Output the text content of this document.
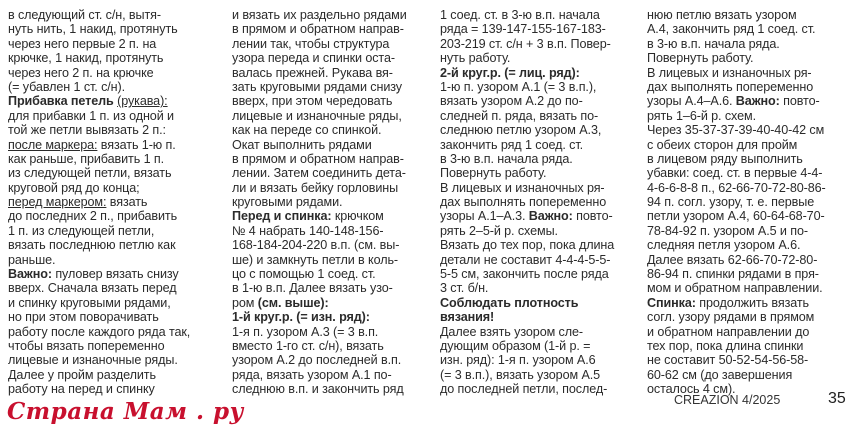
в следующий ст. с/н, вытя-
нуть нить, 1 накид, протянуть
через него первые 2 п. на
крючке, 1 накид, протянуть
через него 2 п. на крючке
(= убавлен 1 ст. с/н).
Прибавка петель (рукава):
для прибавки 1 п. из одной и
той же петли вывязать 2 п.:
после маркера: вязать 1-ю п.
как раньше, прибавить 1 п.
из следующей петли, вязать
круговой ряд до конца;
перед маркером: вязать
до последних 2 п., прибавить
1 п. из следующей петли,
вязать последнюю петлю как
раньше.
Важно: пуловер вязать снизу
вверх. Сначала вязать перед
и спинку круговыми рядами,
но при этом поворачивать
работу после каждого ряда так,
чтобы вязать попеременно
лицевые и изнаночные ряды.
Далее у пройм разделить
работу на перед и спинку
и вязать их раздельно рядами
в прямом и обратном направ-
лении так, чтобы структура
узора переда и спинки оста-
валась прежней. Рукава вя-
зать круговыми рядами снизу
вверх, при этом чередовать
лицевые и изнаночные ряды,
как на переде со спинкой.
Окат выполнить рядами
в прямом и обратном направ-
лении. Затем соединить дета-
ли и вязать бейку горловины
круговыми рядами.
Перед и спинка: крючком
№ 4 набрать 140-148-156-
168-184-204-220 в.п. (см. вы-
ше) и замкнуть петли в коль-
цо с помощью 1 соед. ст.
в 1-ю в.п. Далее вязать узо-
ром (см. выше):
1-й круг.р. (= изн. ряд):
1-я п. узором А.3 (= 3 в.п.
вместо 1-го ст. с/н), вязать
узором А.2 до последней в.п.
ряда, вязать узором А.1 по-
следнюю в.п. и закончить ряд
1 соед. ст. в 3-ю в.п. начала
ряда = 139-147-155-167-183-
203-219 ст. с/н + 3 в.п. Повер-
нуть работу.
2-й круг.р. (= лиц. ряд):
1-ю п. узором А.1 (= 3 в.п.),
вязать узором А.2 до по-
следней п. ряда, вязать по-
следнюю петлю узором А.3,
закончить ряд 1 соед. ст.
в 3-ю в.п. начала ряда.
Повернуть работу.
В лицевых и изнаночных ря-
дах выполнять попеременно
узоры А.1–А.3. Важно: повто-
рять 2–5-й р. схемы.
Вязать до тех пор, пока длина
детали не составит 4-4-4-5-5-
5-5 см, закончить после ряда
3 ст. б/н.
Соблюдать плотность
вязания!
Далее взять узором сле-
дующим образом (1-й р. =
изн. ряд): 1-я п. узором А.6
(= 3 в.п.), вязать узором А.5
до последней петли, послед-
нюю петлю вязать узором
А.4, закончить ряд 1 соед. ст.
в 3-ю в.п. начала ряда.
Повернуть работу.
В лицевых и изнаночных ря-
дах выполнять попеременно
узоры А.4–А.6. Важно: повто-
рять 1–6-й р. схем.
Через 35-37-37-39-40-40-42 см
с обеих сторон для пройм
в лицевом ряду выполнить
убавки: соед. ст. в первые 4-4-
4-6-6-8-8 п., 62-66-70-72-80-86-
94 п. согл. узору, т. е. первые
петли узором А.4, 60-64-68-70-
78-84-92 п. узором А.5 и по-
следняя петля узором А.6.
Далее вязать 62-66-70-72-80-
86-94 п. спинки рядами в пря-
мом и обратном направлении.
Спинка: продолжить вязать
согл. узору рядами в прямом
и обратном направлении до
тех пор, пока длина спинки
не составит 50-52-54-56-58-
60-62 см (до завершения
осталось 4 см).
Страна Мам . ру	CREAZION 4/2025	35
